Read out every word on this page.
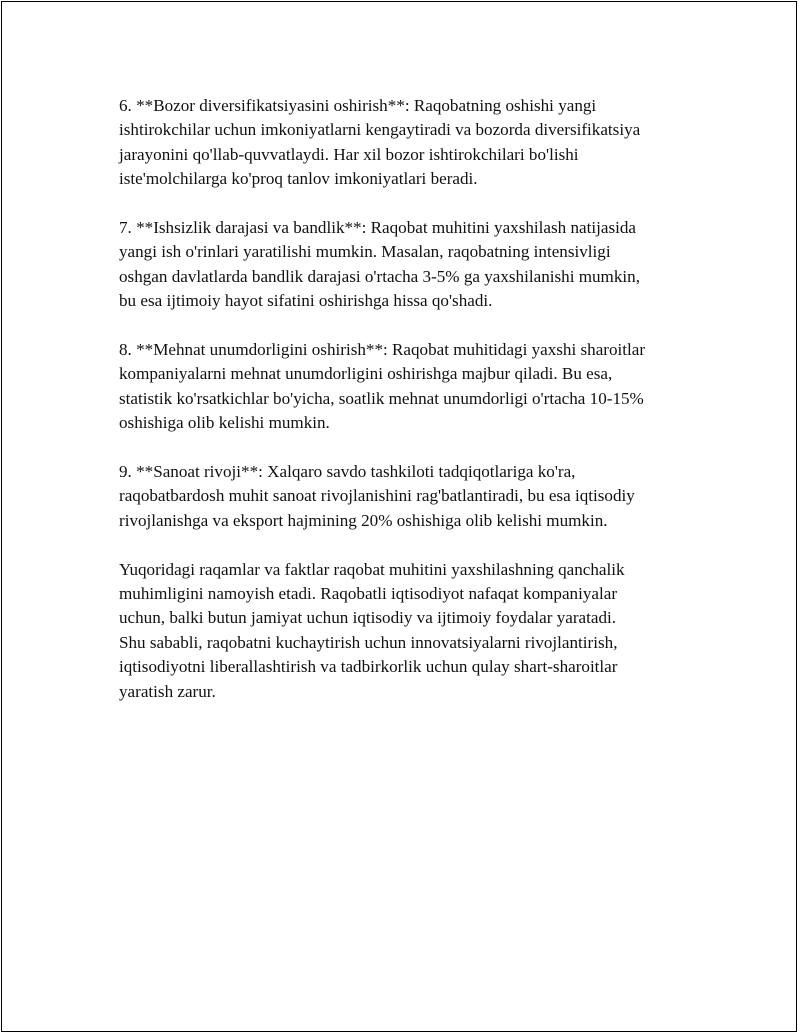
6. **Bozor diversifikatsiyasini oshirish**: Raqobatning oshishi yangi
ishtirokchilar uchun imkoniyatlarni kengaytiradi va bozorda diversifikatsiya
jarayonini qo'llab-quvvatlaydi. Har xil bozor ishtirokchilari bo'lishi
iste'molchilarga ko'proq tanlov imkoniyatlari beradi.

7. **Ishsizlik darajasi va bandlik**: Raqobat muhitini yaxshilash natijasida
yangi ish o'rinlari yaratilishi mumkin. Masalan, raqobatning intensivligi
oshgan davlatlarda bandlik darajasi o'rtacha 3-5% ga yaxshilanishi mumkin,
bu esa ijtimoiy hayot sifatini oshirishga hissa qo'shadi.

8. **Mehnat unumdorligini oshirish**: Raqobat muhitidagi yaxshi sharoitlar
kompaniyalarni mehnat unumdorligini oshirishga majbur qiladi. Bu esa,
statistik ko'rsatkichlar bo'yicha, soatlik mehnat unumdorligi o'rtacha 10-15%
oshishiga olib kelishi mumkin.

9. **Sanoat rivoji**: Xalqaro savdo tashkiloti tadqiqotlariga ko'ra,
raqobatbardosh muhit sanoat rivojlanishini rag'batlantiradi, bu esa iqtisodiy
rivojlanishga va eksport hajmining 20% oshishiga olib kelishi mumkin.

Yuqoridagi raqamlar va faktlar raqobat muhitini yaxshilashning qanchalik
muhimligini namoyish etadi. Raqobatli iqtisodiyot nafaqat kompaniyalar
uchun, balki butun jamiyat uchun iqtisodiy va ijtimoiy foydalar yaratadi.
Shu sababli, raqobatni kuchaytirish uchun innovatsiyalarni rivojlantirish,
iqtisodiyotni liberallashtirish va tadbirkorlik uchun qulay shart-sharoitlar
yaratish zarur.
